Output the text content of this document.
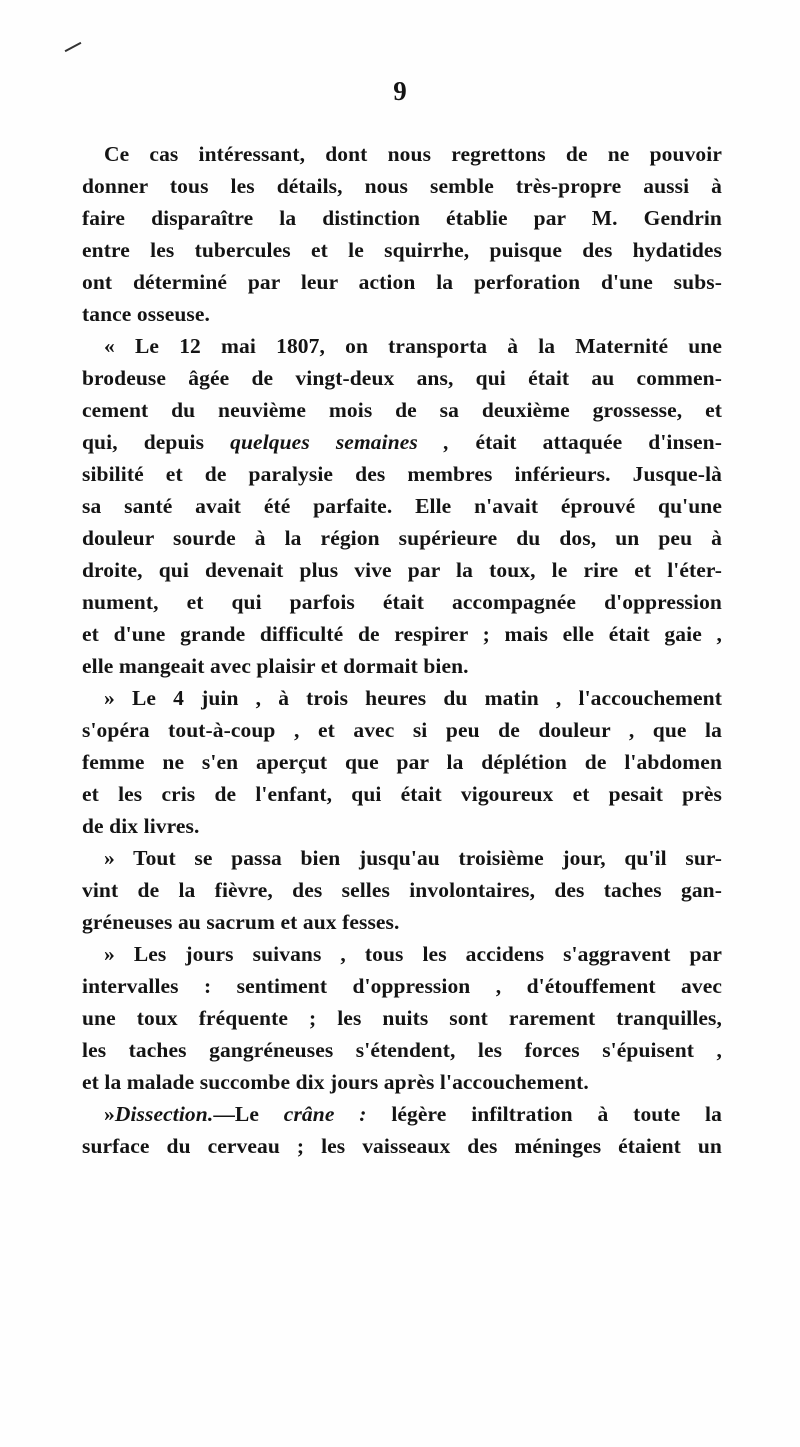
9
Ce cas intéressant, dont nous regrettons de ne pouvoir
donner tous les détails, nous semble très-propre aussi à
faire disparaître la distinction établie par M. Gendrin
entre les tubercules et le squirrhe, puisque des hydatides
ont déterminé par leur action la perforation d'une subs-
tance osseuse.
« Le 12 mai 1807, on transporta à la Maternité une
brodeuse âgée de vingt-deux ans, qui était au commen-
cement du neuvième mois de sa deuxième grossesse, et
qui, depuis quelques semaines , était attaquée d'insen-
sibilité et de paralysie des membres inférieurs. Jusque-là
sa santé avait été parfaite. Elle n'avait éprouvé qu'une
douleur sourde à la région supérieure du dos, un peu à
droite, qui devenait plus vive par la toux, le rire et l'éter-
nument, et qui parfois était accompagnée d'oppression
et d'une grande difficulté de respirer ; mais elle était gaie ,
elle mangeait avec plaisir et dormait bien.
» Le 4 juin , à trois heures du matin , l'accouchement
s'opéra tout-à-coup , et avec si peu de douleur , que la
femme ne s'en aperçut que par la déplétion de l'abdomen
et les cris de l'enfant, qui était vigoureux et pesait près
de dix livres.
» Tout se passa bien jusqu'au troisième jour, qu'il sur-
vint de la fièvre, des selles involontaires, des taches gan-
gréneuses au sacrum et aux fesses.
» Les jours suivans , tous les accidens s'aggravent par
intervalles : sentiment d'oppression , d'étouffement avec
une toux fréquente ; les nuits sont rarement tranquilles,
les taches gangréneuses s'étendent, les forces s'épuisent ,
et la malade succombe dix jours après l'accouchement.
»Dissection.—Le crâne : légère infiltration à toute la
surface du cerveau ; les vaisseaux des méninges étaient un
